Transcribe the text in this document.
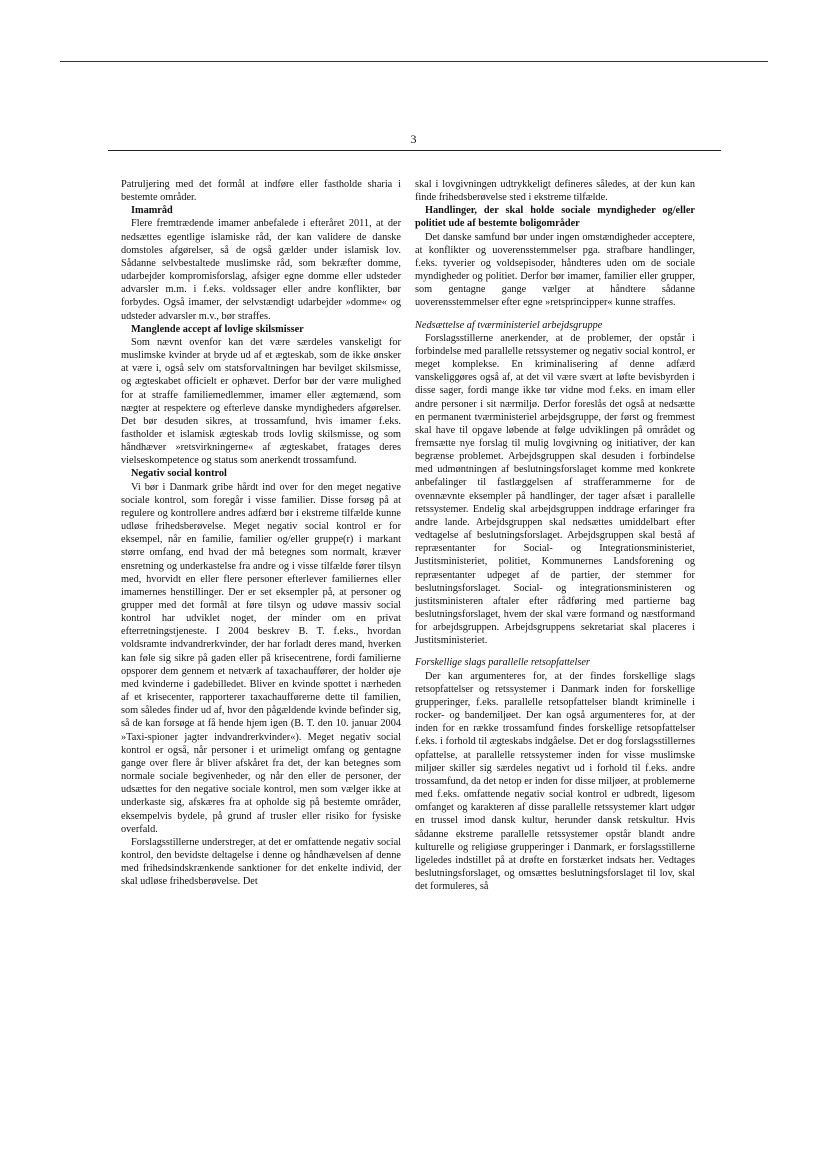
3

Patruljering med det formål at indføre eller fastholde sharia i bestemte områder.

Imamråd

Flere fremtrædende imamer anbefalede i efteråret 2011, at der nedsættes egentlige islamiske råd, der kan validere de danske domstoles afgørelser, så de også gælder under islamisk lov. Sådanne selvbestaltede muslimske råd, som bekræfter domme, udarbejder kompromisforslag, afsiger egne domme eller udsteder advarsler m.m. i f.eks. voldssager eller andre konflikter, bør forbydes. Også imamer, der selvstændigt udarbejder »domme« og udsteder advarsler m.v., bør straffes.

Manglende accept af lovlige skilsmisser

Som nævnt ovenfor kan det være særdeles vanskeligt for muslimske kvinder at bryde ud af et ægteskab, som de ikke ønsker at være i, også selv om statsforvaltningen har bevilget skilsmisse, og ægteskabet officielt er ophævet. Derfor bør der være mulighed for at straffe familiemedlemmer, imamer eller ægtemænd, som nægter at respektere og efterleve danske myndigheders afgørelser. Det bør desuden sikres, at trossamfund, hvis imamer f.eks. fastholder et islamisk ægteskab trods lovlig skilsmisse, og som håndhæver »retsvirkningerne« af ægteskabet, fratages deres vielseskompetence og status som anerkendt trossamfund.

Negativ social kontrol

Vi bør i Danmark gribe hårdt ind over for den meget negative sociale kontrol, som foregår i visse familier. Disse forsøg på at regulere og kontrollere andres adfærd bør i ekstreme tilfælde kunne udløse frihedsberøvelse. Meget negativ social kontrol er for eksempel, når en familie, familier og/eller gruppe(r) i markant større omfang, end hvad der må betegnes som normalt, kræver ensretning og underkastelse fra andre og i visse tilfælde fører tilsyn med, hvorvidt en eller flere personer efterlever familiernes eller imamernes henstillinger. Der er set eksempler på, at personer og grupper med det formål at føre tilsyn og udøve massiv social kontrol har udviklet noget, der minder om en privat efterretningstjeneste. I 2004 beskrev B. T. f.eks., hvordan voldsramte indvandrerkvinder, der har forladt deres mand, hverken kan føle sig sikre på gaden eller på krisecentrene, fordi familierne opsporer dem gennem et netværk af taxachauffører, der holder øje med kvinderne i gadebilledet. Bliver en kvinde spottet i nærheden af et krisecenter, rapporterer taxachaufførerne dette til familien, som således finder ud af, hvor den pågældende kvinde befinder sig, så de kan forsøge at få hende hjem igen (B. T. den 10. januar 2004 »Taxi-spioner jagter indvandrerkvinder«). Meget negativ social kontrol er også, når personer i et urimeligt omfang og gentagne gange over flere år bliver afskåret fra det, der kan betegnes som normale sociale begivenheder, og når den eller de personer, der udsættes for den negative sociale kontrol, men som vælger ikke at underkaste sig, afskæres fra at opholde sig på bestemte områder, eksempelvis bydele, på grund af trusler eller risiko for fysiske overfald.

Forslagsstillerne understreger, at det er omfattende negativ social kontrol, den bevidste deltagelse i denne og håndhævelsen af denne med frihedsindskrænkende sanktioner for det enkelte individ, der skal udløse frihedsberøvelse. Det

skal i lovgivningen udtrykkeligt defineres således, at der kun kan finde frihedsberøvelse sted i ekstreme tilfælde.

Handlinger, der skal holde sociale myndigheder og/eller politiet ude af bestemte boligområder

Det danske samfund bør under ingen omstændigheder acceptere, at konflikter og uoverensstemmelser pga. strafbare handlinger, f.eks. tyverier og voldsepisoder, håndteres uden om de sociale myndigheder og politiet. Derfor bør imamer, familier eller grupper, som gentagne gange vælger at håndtere sådanne uoverensstemmelser efter egne »retsprincipper« kunne straffes.

Nedsættelse af tværministeriel arbejdsgruppe

Forslagsstillerne anerkender, at de problemer, der opstår i forbindelse med parallelle retssystemer og negativ social kontrol, er meget komplekse. En kriminalisering af denne adfærd vanskeliggøres også af, at det vil være svært at løfte bevisbyrden i disse sager, fordi mange ikke tør vidne mod f.eks. en imam eller andre personer i sit nærmiljø. Derfor foreslås det også at nedsætte en permanent tværministeriel arbejdsgruppe, der først og fremmest skal have til opgave løbende at følge udviklingen på området og fremsætte nye forslag til mulig lovgivning og initiativer, der kan begrænse problemet. Arbejdsgruppen skal desuden i forbindelse med udmøntningen af beslutningsforslaget komme med konkrete anbefalinger til fastlæggelsen af strafferammerne for de ovennævnte eksempler på handlinger, der tager afsæt i parallelle retssystemer. Endelig skal arbejdsgruppen inddrage erfaringer fra andre lande. Arbejdsgruppen skal nedsættes umiddelbart efter vedtagelse af beslutningsforslaget. Arbejdsgruppen skal bestå af repræsentanter for Social- og Integrationsministeriet, Justitsministeriet, politiet, Kommunernes Landsforening og repræsentanter udpeget af de partier, der stemmer for beslutningsforslaget. Social- og integrationsministeren og justitsministeren aftaler efter rådføring med partierne bag beslutningsforslaget, hvem der skal være formand og næstformand for arbejdsgruppen. Arbejdsgruppens sekretariat skal placeres i Justitsministeriet.

Forskellige slags parallelle retsopfattelser

Der kan argumenteres for, at der findes forskellige slags retsopfattelser og retssystemer i Danmark inden for forskellige grupperinger, f.eks. parallelle retsopfattelser blandt kriminelle i rocker- og bandemiljøet. Der kan også argumenteres for, at der inden for en række trossamfund findes forskellige retsopfattelser f.eks. i forhold til ægteskabs indgåelse. Det er dog forslagsstillernes opfattelse, at parallelle retssystemer inden for visse muslimske miljøer skiller sig særdeles negativt ud i forhold til f.eks. andre trossamfund, da det netop er inden for disse miljøer, at problemerne med f.eks. omfattende negativ social kontrol er udbredt, ligesom omfanget og karakteren af disse parallelle retssystemer klart udgør en trussel imod dansk kultur, herunder dansk retskultur. Hvis sådanne ekstreme parallelle retssystemer opstår blandt andre kulturelle og religiøse grupperinger i Danmark, er forslagsstillerne ligeledes indstillet på at drøfte en forstærket indsats her. Vedtages beslutningsforslaget, og omsættes beslutningsforslaget til lov, skal det formuleres, så
